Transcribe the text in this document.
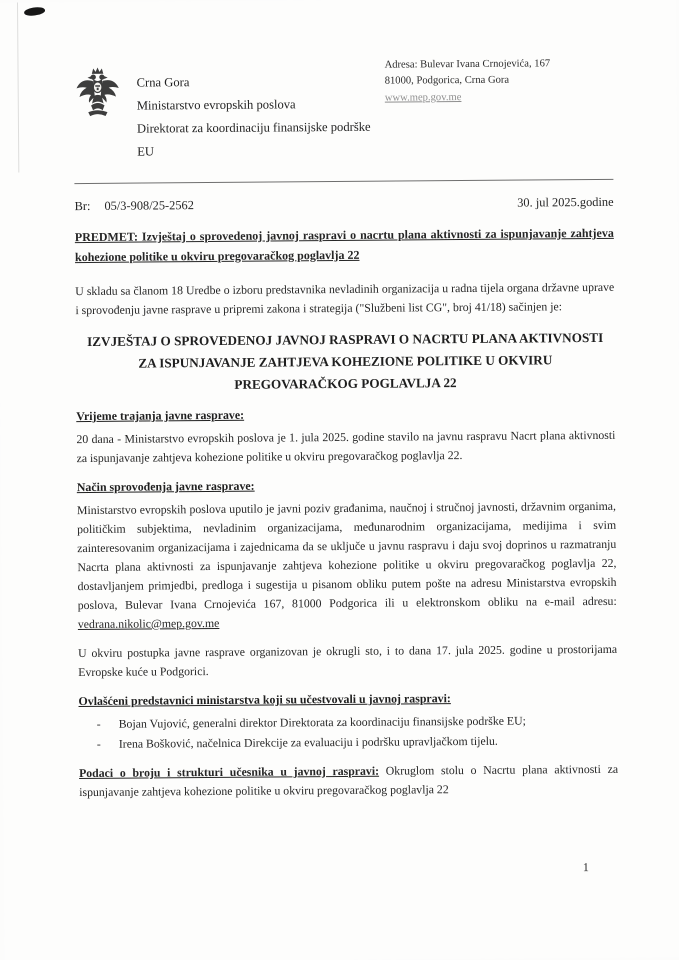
Crna Gora
Ministarstvo evropskih poslova
Direktorat za koordinaciju finansijske podrške EU
Adresa: Bulevar Ivana Crnojevića, 167
81000, Podgorica, Crna Gora
www.mep.gov.me
Br: 05/3-908/25-2562	30. jul 2025.godine

PREDMET: Izvještaj o sprovedenoj javnoj raspravi o nacrtu plana aktivnosti za ispunjavanje zahtjeva kohezione politike u okviru pregovaračkog poglavlja 22

U skladu sa članom 18 Uredbe o izboru predstavnika nevladinih organizacija u radna tijela organa državne uprave i sprovođenju javne rasprave u pripremi zakona i strategija ("Službeni list CG", broj 41/18) sačinjen je:

IZVJEŠTAJ O SPROVEDENOJ JAVNOJ RASPRAVI O NACRTU PLANA AKTIVNOSTI ZA ISPUNJAVANJE ZAHTJEVA KOHEZIONE POLITIKE U OKVIRU PREGOVARAČKOG POGLAVLJA 22
Vrijeme trajanja javne rasprave:

20 dana - Ministarstvo evropskih poslova je 1. jula 2025. godine stavilo na javnu raspravu Nacrt plana aktivnosti za ispunjavanje zahtjeva kohezione politike u okviru pregovaračkog poglavlja 22.

Način sprovođenja javne rasprave:

Ministarstvo evropskih poslova uputilo je javni poziv građanima, naučnoj i stručnoj javnosti, državnim organima, političkim subjektima, nevladinim organizacijama, međunarodnim organizacijama, medijima i svim zainteresovanim organizacijama i zajednicama da se uključe u javnu raspravu i daju svoj doprinos u razmatranju Nacrta plana aktivnosti za ispunjavanje zahtjeva kohezione politike u okviru pregovaračkog poglavlja 22, dostavljanjem primjedbi, predloga i sugestija u pisanom obliku putem pošte na adresu Ministarstva evropskih poslova, Bulevar Ivana Crnojevića 167, 81000 Podgorica ili u elektronskom obliku na e-mail adresu: vedrana.nikolic@mep.gov.me

U okviru postupka javne rasprave organizovan je okrugli sto, i to dana 17. jula 2025. godine u prostorijama Evropske kuće u Podgorici.

Ovlašćeni predstavnici ministarstva koji su učestvovali u javnoj raspravi:
- Bojan Vujović, generalni direktor Direktorata za koordinaciju finansijske podrške EU;
- Irena Bošković, načelnica Direkcije za evaluaciju i podršku upravljačkom tijelu.

Podaci o broju i strukturi učesnika u javnoj raspravi: Okruglom stolu o Nacrtu plana aktivnosti za ispunjavanje zahtjeva kohezione politike u okviru pregovaračkog poglavlja 22

1
